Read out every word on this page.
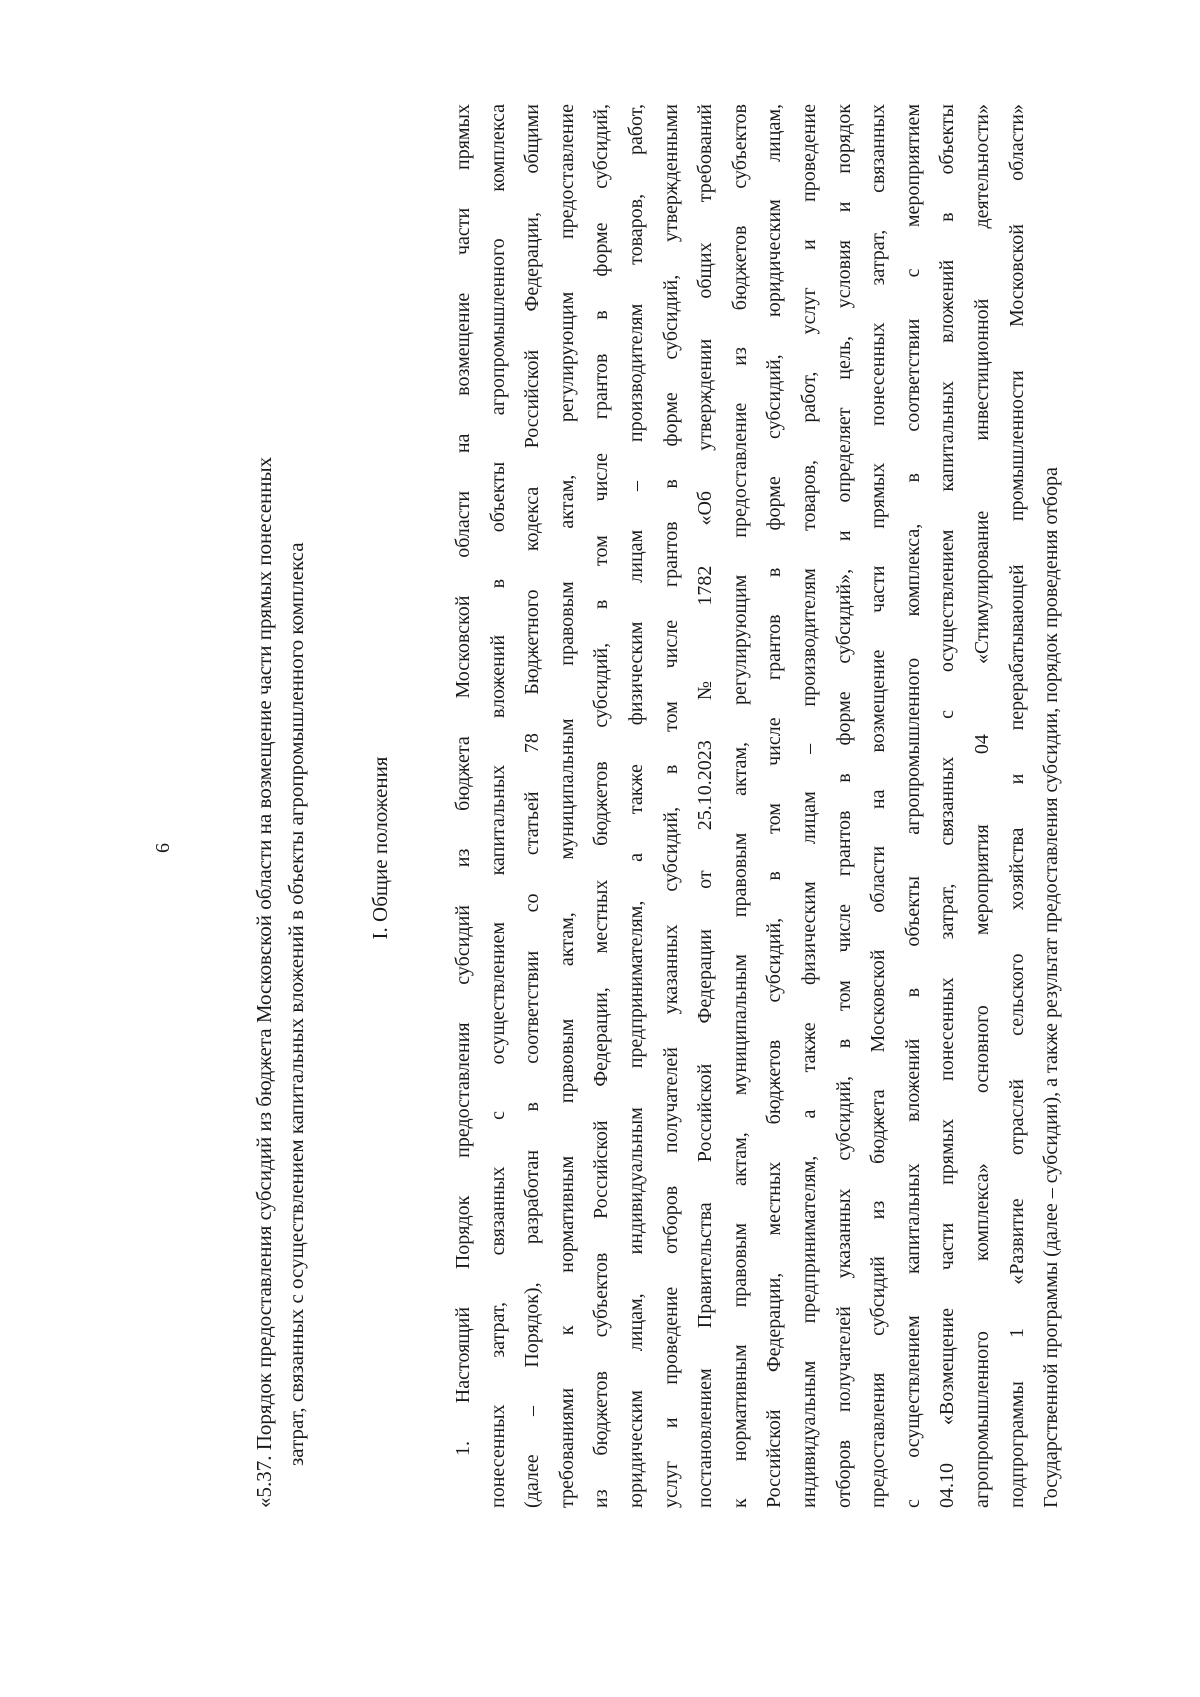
6	«5.37. Порядок предоставления субсидий из бюджета Московской области на возмещение части прямых понесенных затрат, связанных с осуществлением капитальных вложений в объекты агропромышленного комплекса	I. Общие положения	1. Настоящий Порядок предоставления субсидий из бюджета Московской области на возмещение части прямых понесенных затрат, связанных с осуществлением капитальных вложений в объекты агропромышленного комплекса (далее – Порядок), разработан в соответствии со статьей 78 Бюджетного кодекса Российской Федерации, общими требованиями к нормативным правовым актам, муниципальным правовым актам, регулирующим предоставление из бюджетов субъектов Российской Федерации, местных бюджетов субсидий, в том числе грантов в форме субсидий, юридическим лицам, индивидуальным предпринимателям, а также физическим лицам – производителям товаров, работ, услуг и проведение отборов получателей указанных субсидий, в том числе грантов в форме субсидий, утвержденными постановлением Правительства Российской Федерации от 25.10.2023 № 1782 «Об утверждении общих требований к нормативным правовым актам, муниципальным правовым актам, регулирующим предоставление из бюджетов субъектов Российской Федерации, местных бюджетов субсидий, в том числе грантов в форме субсидий, юридическим лицам, индивидуальным предпринимателям, а также физическим лицам – производителям товаров, работ, услуг и проведение отборов получателей указанных субсидий, в том числе грантов в форме субсидий», и определяет цель, условия и порядок предоставления субсидий из бюджета Московской области на возмещение части прямых понесенных затрат, связанных с осуществлением капитальных вложений в объекты агропромышленного комплекса, в соответствии с мероприятием 04.10 «Возмещение части прямых понесенных затрат, связанных с осуществлением капитальных вложений в объекты агропромышленного комплекса» основного мероприятия 04 «Стимулирование инвестиционной деятельности» подпрограммы 1 «Развитие отраслей сельского хозяйства и перерабатывающей промышленности Московской области» Государственной программы (далее – субсидии), а также результат предоставления субсидии, порядок проведения отбора
